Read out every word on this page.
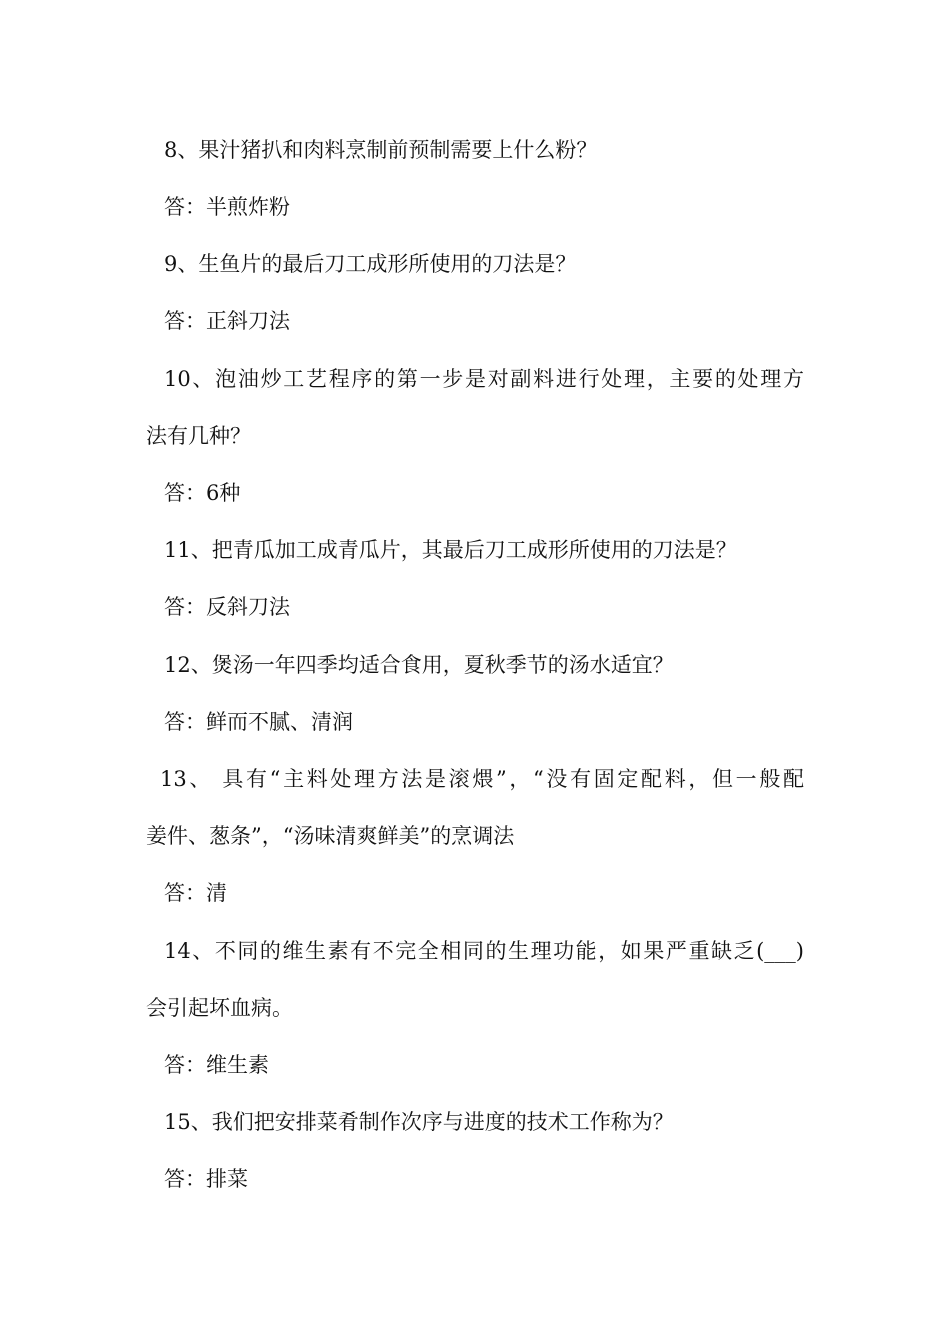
8、果汁猪扒和肉料烹制前预制需要上什么粉？
答：半煎炸粉
9、生鱼片的最后刀工成形所使用的刀法是？
答：正斜刀法
10、泡油炒工艺程序的第一步是对副料进行处理，主要的处理方
法有几种？
答：6种
11、把青瓜加工成青瓜片，其最后刀工成形所使用的刀法是？
答：反斜刀法
12、煲汤一年四季均适合食用，夏秋季节的汤水适宜？
答：鲜而不腻、清润
13、 具有“主料处理方法是滚煨”，“没有固定配料，但一般配
姜件、葱条”，“汤味清爽鲜美”的烹调法
答：清
14、不同的维生素有不完全相同的生理功能，如果严重缺乏(___)
会引起坏血病。
答：维生素
15、我们把安排菜肴制作次序与进度的技术工作称为？
答：排菜
